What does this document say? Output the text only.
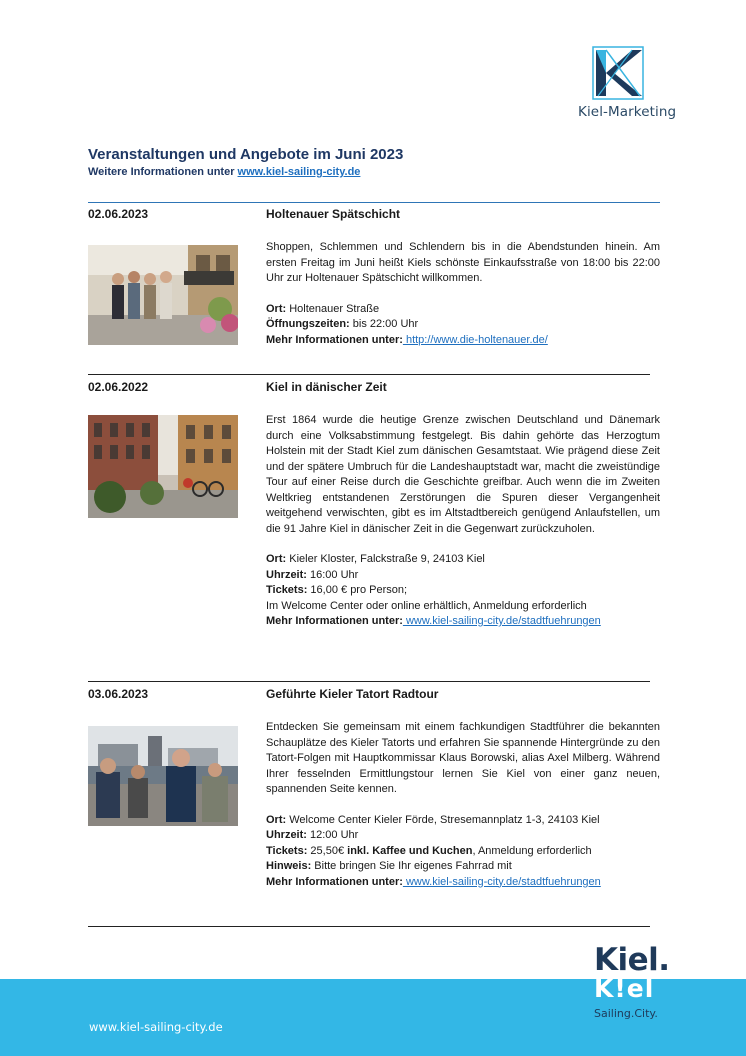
Kiel-Marketing
Veranstaltungen und Angebote im Juni 2023
Weitere Informationen unter www.kiel-sailing-city.de
02.06.2023	Holtenauer Spätschicht

Shoppen, Schlemmen und Schlendern bis in die Abendstunden hinein. Am ersten Freitag im Juni heißt Kiels schönste Einkaufsstraße von 18:00 bis 22:00 Uhr zur Holtenauer Spätschicht willkommen.

Ort: Holtenauer Straße
Öffnungszeiten: bis 22:00 Uhr
Mehr Informationen unter: http://www.die-holtenauer.de/
02.06.2022	Kiel in dänischer Zeit

Erst 1864 wurde die heutige Grenze zwischen Deutschland und Dänemark durch eine Volksabstimmung festgelegt. Bis dahin gehörte das Herzogtum Holstein mit der Stadt Kiel zum dänischen Gesamtstaat. Wie prägend diese Zeit und der spätere Umbruch für die Landeshauptstadt war, macht die zweistündige Tour auf einer Reise durch die Geschichte greifbar. Auch wenn die im Zweiten Weltkrieg entstandenen Zerstörungen die Spuren dieser Vergangenheit weitgehend verwischten, gibt es im Altstadtbereich genügend Anlaufstellen, um die 91 Jahre Kiel in dänischer Zeit in die Gegenwart zurückzuholen.

Ort: Kieler Kloster, Falckstraße 9, 24103 Kiel
Uhrzeit: 16:00 Uhr
Tickets: 16,00 € pro Person;
Im Welcome Center oder online erhältlich, Anmeldung erforderlich
Mehr Informationen unter: www.kiel-sailing-city.de/stadtfuehrungen
03.06.2023	Geführte Kieler Tatort Radtour

Entdecken Sie gemeinsam mit einem fachkundigen Stadtführer die bekannten Schauplätze des Kieler Tatorts und erfahren Sie spannende Hintergründe zu den Tatort-Folgen mit Hauptkommissar Klaus Borowski, alias Axel Milberg. Während Ihrer fesselnden Ermittlungstour lernen Sie Kiel von einer ganz neuen, spannenden Seite kennen.

Ort: Welcome Center Kieler Förde, Stresemannplatz 1-3, 24103 Kiel
Uhrzeit: 12:00 Uhr
Tickets: 25,50€ inkl. Kaffee und Kuchen, Anmeldung erforderlich
Hinweis: Bitte bringen Sie Ihr eigenes Fahrrad mit
Mehr Informationen unter: www.kiel-sailing-city.de/stadtfuehrungen
www.kiel-sailing-city.de
Kiel.
K!el
Sailing.City.
